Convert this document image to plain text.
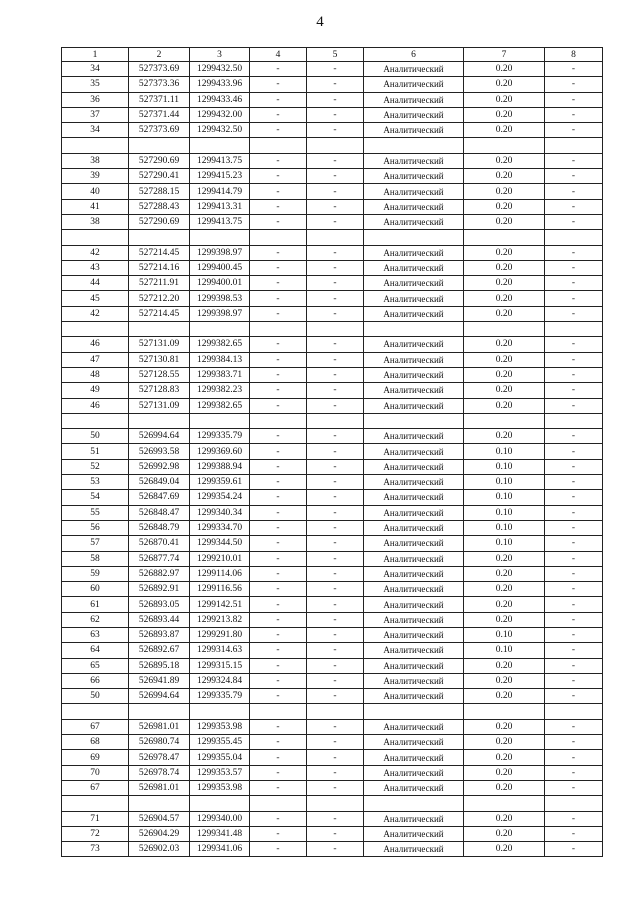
4
1	2	3	4	5	6	7	8
34	527373.69	1299432.50	-	-	Аналитический	0.20	-
35	527373.36	1299433.96	-	-	Аналитический	0.20	-
36	527371.11	1299433.46	-	-	Аналитический	0.20	-
37	527371.44	1299432.00	-	-	Аналитический	0.20	-
34	527373.69	1299432.50	-	-	Аналитический	0.20	-

38	527290.69	1299413.75	-	-	Аналитический	0.20	-
39	527290.41	1299415.23	-	-	Аналитический	0.20	-
40	527288.15	1299414.79	-	-	Аналитический	0.20	-
41	527288.43	1299413.31	-	-	Аналитический	0.20	-
38	527290.69	1299413.75	-	-	Аналитический	0.20	-

42	527214.45	1299398.97	-	-	Аналитический	0.20	-
43	527214.16	1299400.45	-	-	Аналитический	0.20	-
44	527211.91	1299400.01	-	-	Аналитический	0.20	-
45	527212.20	1299398.53	-	-	Аналитический	0.20	-
42	527214.45	1299398.97	-	-	Аналитический	0.20	-

46	527131.09	1299382.65	-	-	Аналитический	0.20	-
47	527130.81	1299384.13	-	-	Аналитический	0.20	-
48	527128.55	1299383.71	-	-	Аналитический	0.20	-
49	527128.83	1299382.23	-	-	Аналитический	0.20	-
46	527131.09	1299382.65	-	-	Аналитический	0.20	-

50	526994.64	1299335.79	-	-	Аналитический	0.20	-
51	526993.58	1299369.60	-	-	Аналитический	0.10	-
52	526992.98	1299388.94	-	-	Аналитический	0.10	-
53	526849.04	1299359.61	-	-	Аналитический	0.10	-
54	526847.69	1299354.24	-	-	Аналитический	0.10	-
55	526848.47	1299340.34	-	-	Аналитический	0.10	-
56	526848.79	1299334.70	-	-	Аналитический	0.10	-
57	526870.41	1299344.50	-	-	Аналитический	0.10	-
58	526877.74	1299210.01	-	-	Аналитический	0.20	-
59	526882.97	1299114.06	-	-	Аналитический	0.20	-
60	526892.91	1299116.56	-	-	Аналитический	0.20	-
61	526893.05	1299142.51	-	-	Аналитический	0.20	-
62	526893.44	1299213.82	-	-	Аналитический	0.20	-
63	526893.87	1299291.80	-	-	Аналитический	0.10	-
64	526892.67	1299314.63	-	-	Аналитический	0.10	-
65	526895.18	1299315.15	-	-	Аналитический	0.20	-
66	526941.89	1299324.84	-	-	Аналитический	0.20	-
50	526994.64	1299335.79	-	-	Аналитический	0.20	-

67	526981.01	1299353.98	-	-	Аналитический	0.20	-
68	526980.74	1299355.45	-	-	Аналитический	0.20	-
69	526978.47	1299355.04	-	-	Аналитический	0.20	-
70	526978.74	1299353.57	-	-	Аналитический	0.20	-
67	526981.01	1299353.98	-	-	Аналитический	0.20	-

71	526904.57	1299340.00	-	-	Аналитический	0.20	-
72	526904.29	1299341.48	-	-	Аналитический	0.20	-
73	526902.03	1299341.06	-	-	Аналитический	0.20	-
